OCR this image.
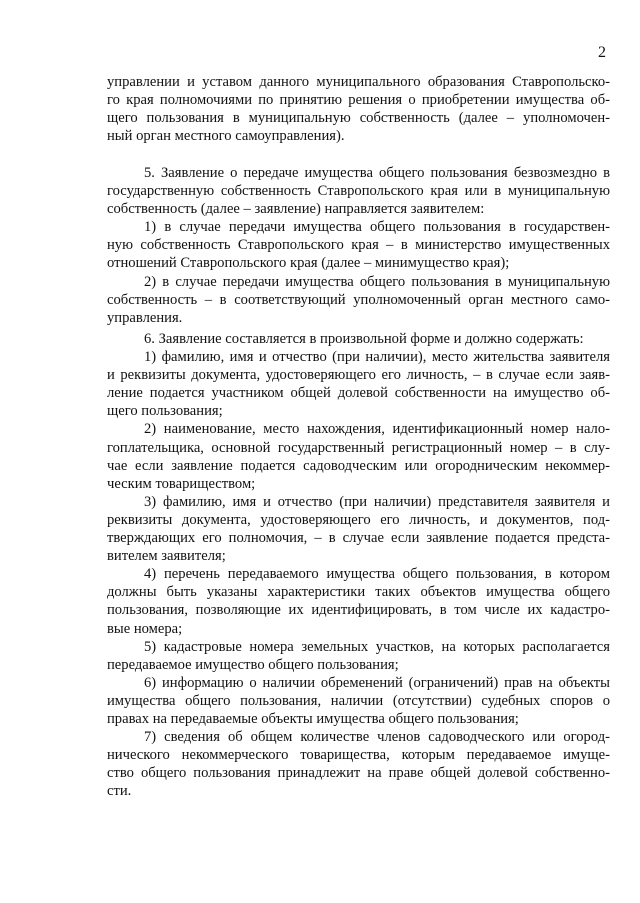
2
управлении и уставом данного муниципального образования Ставропольско-
го края полномочиями по принятию решения о приобретении имущества об-
щего пользования в муниципальную собственность (далее – уполномочен-
ный орган местного самоуправления).
5. Заявление о передаче имущества общего пользования безвозмездно в
государственную собственность Ставропольского края или в муниципальную
собственность (далее – заявление) направляется заявителем:
1) в случае передачи имущества общего пользования в государствен-
ную собственность Ставропольского края – в министерство имущественных
отношений Ставропольского края (далее – минимущество края);
2) в случае передачи имущества общего пользования в муниципальную
собственность – в соответствующий уполномоченный орган местного само-
управления.
6. Заявление составляется в произвольной форме и должно содержать:
1) фамилию, имя и отчество (при наличии), место жительства заявителя
и реквизиты документа, удостоверяющего его личность, – в случае если заяв-
ление подается участником общей долевой собственности на имущество об-
щего пользования;
2) наименование, место нахождения, идентификационный номер нало-
гоплательщика, основной государственный регистрационный номер – в слу-
чае если заявление подается садоводческим или огородническим некоммер-
ческим товариществом;
3) фамилию, имя и отчество (при наличии) представителя заявителя и
реквизиты документа, удостоверяющего его личность, и документов, под-
тверждающих его полномочия, – в случае если заявление подается предста-
вителем заявителя;
4) перечень передаваемого имущества общего пользования, в котором
должны быть указаны характеристики таких объектов имущества общего
пользования, позволяющие их идентифицировать, в том числе их кадастро-
вые номера;
5) кадастровые номера земельных участков, на которых располагается
передаваемое имущество общего пользования;
6) информацию о наличии обременений (ограничений) прав на объекты
имущества общего пользования, наличии (отсутствии) судебных споров о
правах на передаваемые объекты имущества общего пользования;
7) сведения об общем количестве членов садоводческого или огород-
нического некоммерческого товарищества, которым передаваемое имуще-
ство общего пользования принадлежит на праве общей долевой собственно-
сти.
